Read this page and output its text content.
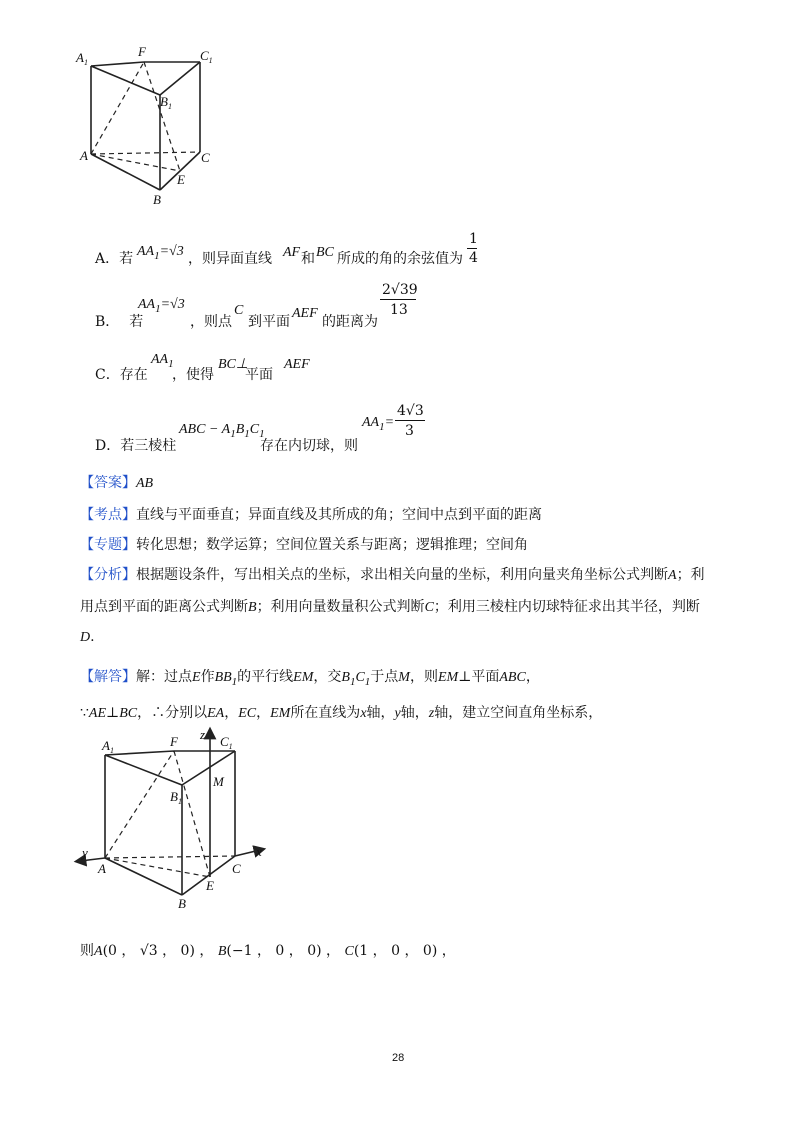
$A_1$
F	$C_1$
$B_1$
A	C
E
B
A．若 $AA_1=√3$ ，则异面直线 AF 和 BC 所成的角的余弦值为
1
4
B． 若
$AA_1=√3$
，则点
C
到平面
AEF
的距离为
2√39
13
C．存在
$AA_1$
，使得
BC⊥
平面
AEF
D．若三棱柱
ABC − $A_1B_1C_1$
存在内切球，则
$AA_1=$
4√3
3
【答案】AB
【考点】直线与平面垂直；异面直线及其所成的角；空间中点到平面的距离
【专题】转化思想；数学运算；空间位置关系与距离；逻辑推理；空间角
【分析】根据题设条件，写出相关点的坐标，求出相关向量的坐标，利用向量夹角坐标公式判断A；利
用点到平面的距离公式判断B；利用向量数量积公式判断C；利用三棱柱内切球特征求出其半径，判断
D.
【解答】解：过点E作$BB_1$的平行线EM，交$B_1C_1$于点M，则EM⊥平面ABC，
∵AE⊥BC，∴分别以EA，EC，EM所在直线为x轴，y轴，z轴，建立空间直角坐标系，
z
$A_1$
F	$C_1$
M
$B_1$
y
A
x
C
E
B
则A(0 ， √3 ， 0) ， B(−1 ， 0 ， 0) ， C(1 ， 0 ， 0) ，
28
